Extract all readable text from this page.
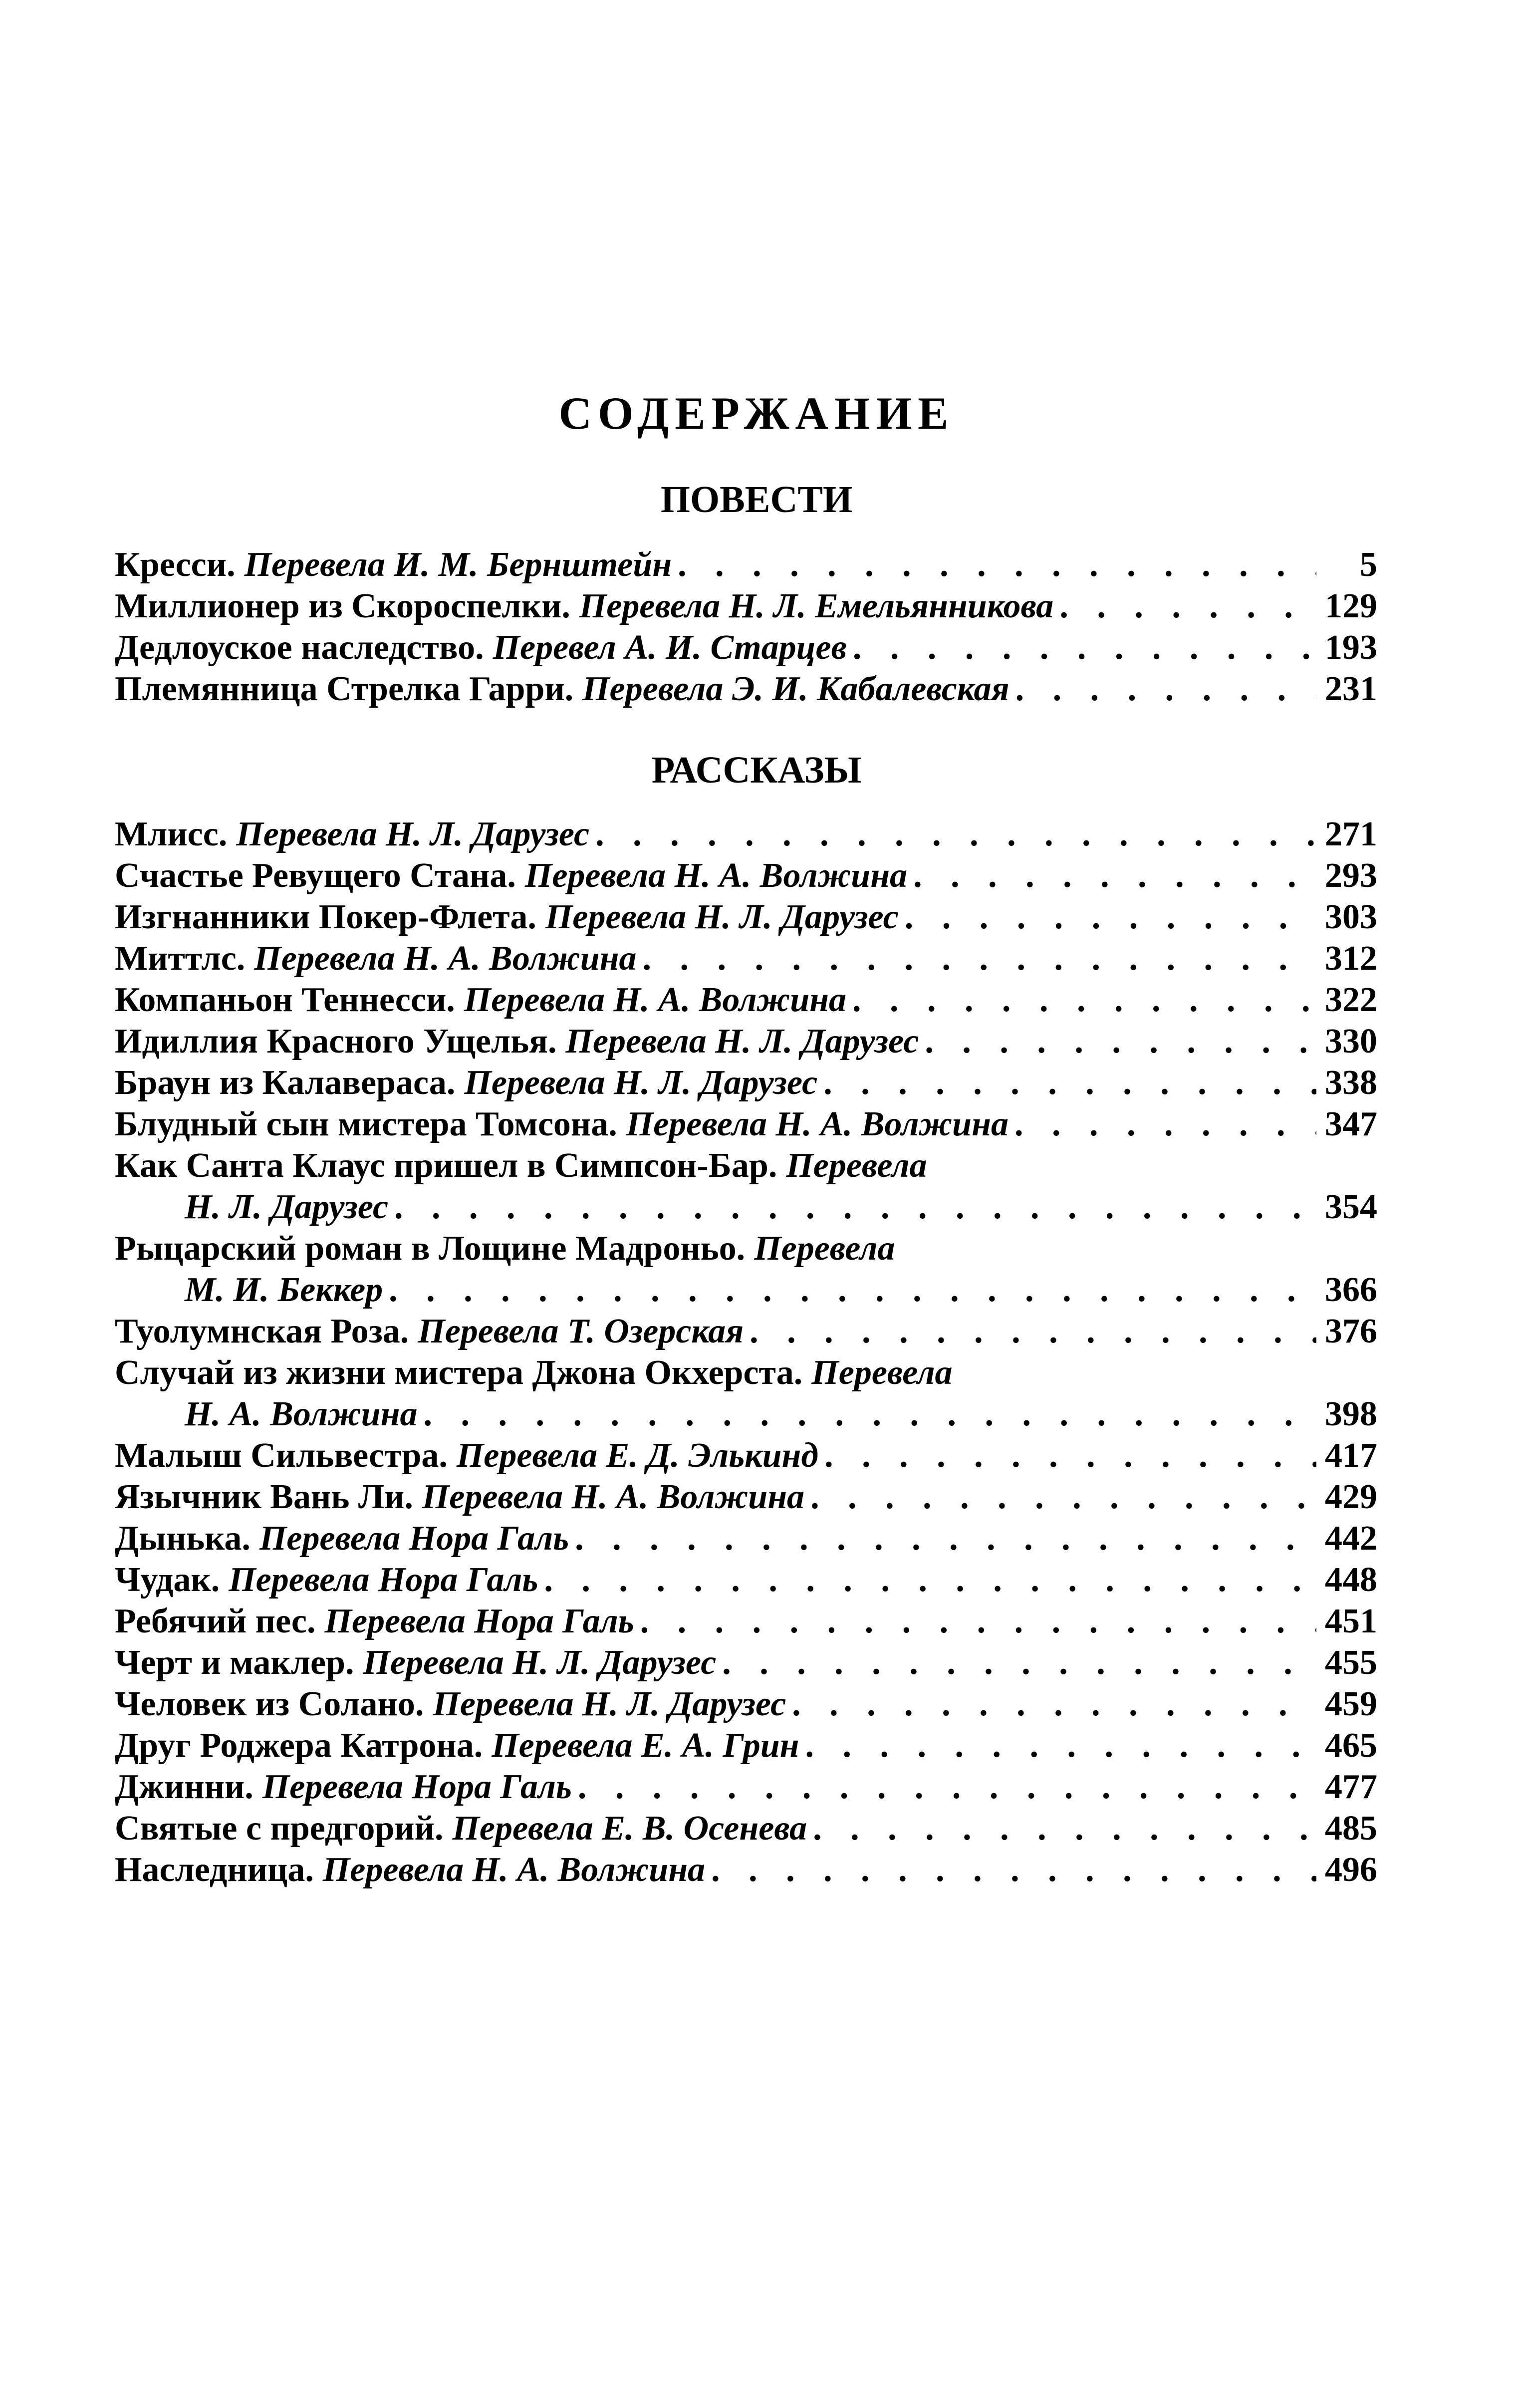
СОДЕРЖАНИЕ
ПОВЕСТИ
Кресси. Перевела И. М. Бернштейн . . .	5
Миллионер из Скороспелки. Перевела Н. Л. Емельянникова . . .	129
Дедлоуское наследство. Перевел А. И. Старцев . . .	193
Племянница Стрелка Гарри. Перевела Э. И. Кабалевская . . .	231
РАССКАЗЫ
Млисс. Перевела Н. Л. Дарузес . . .	271
Счастье Ревущего Стана. Перевела Н. А. Волжина . . .	293
Изгнанники Покер-Флета. Перевела Н. Л. Дарузес . . .	303
Миттлс. Перевела Н. А. Волжина . . .	312
Компаньон Теннесси. Перевела Н. А. Волжина . . .	322
Идиллия Красного Ущелья. Перевела Н. Л. Дарузес . . .	330
Браун из Калавераса. Перевела Н. Л. Дарузес . . .	338
Блудный сын мистера Томсона. Перевела Н. А. Волжина . . .	347
Как Санта Клаус пришел в Симпсон-Бар. Перевела
Н. Л. Дарузес . . .	354
Рыцарский роман в Лощине Мадроньо. Перевела
М. И. Беккер . . .	366
Туолумнская Роза. Перевела Т. Озерская . . .	376
Случай из жизни мистера Джона Окхерста. Перевела
Н. А. Волжина . . .	398
Малыш Сильвестра. Перевела Е. Д. Элькинд . . .	417
Язычник Вань Ли. Перевела Н. А. Волжина . . .	429
Дынька. Перевела Нора Галь . . .	442
Чудак. Перевела Нора Галь . . .	448
Ребячий пес. Перевела Нора Галь . . .	451
Черт и маклер. Перевела Н. Л. Дарузес . . .	455
Человек из Солано. Перевела Н. Л. Дарузес . . .	459
Друг Роджера Катрона. Перевела Е. А. Грин . . .	465
Джинни. Перевела Нора Галь . . .	477
Святые с предгорий. Перевела Е. В. Осенева . . .	485
Наследница. Перевела Н. А. Волжина . . .	496
